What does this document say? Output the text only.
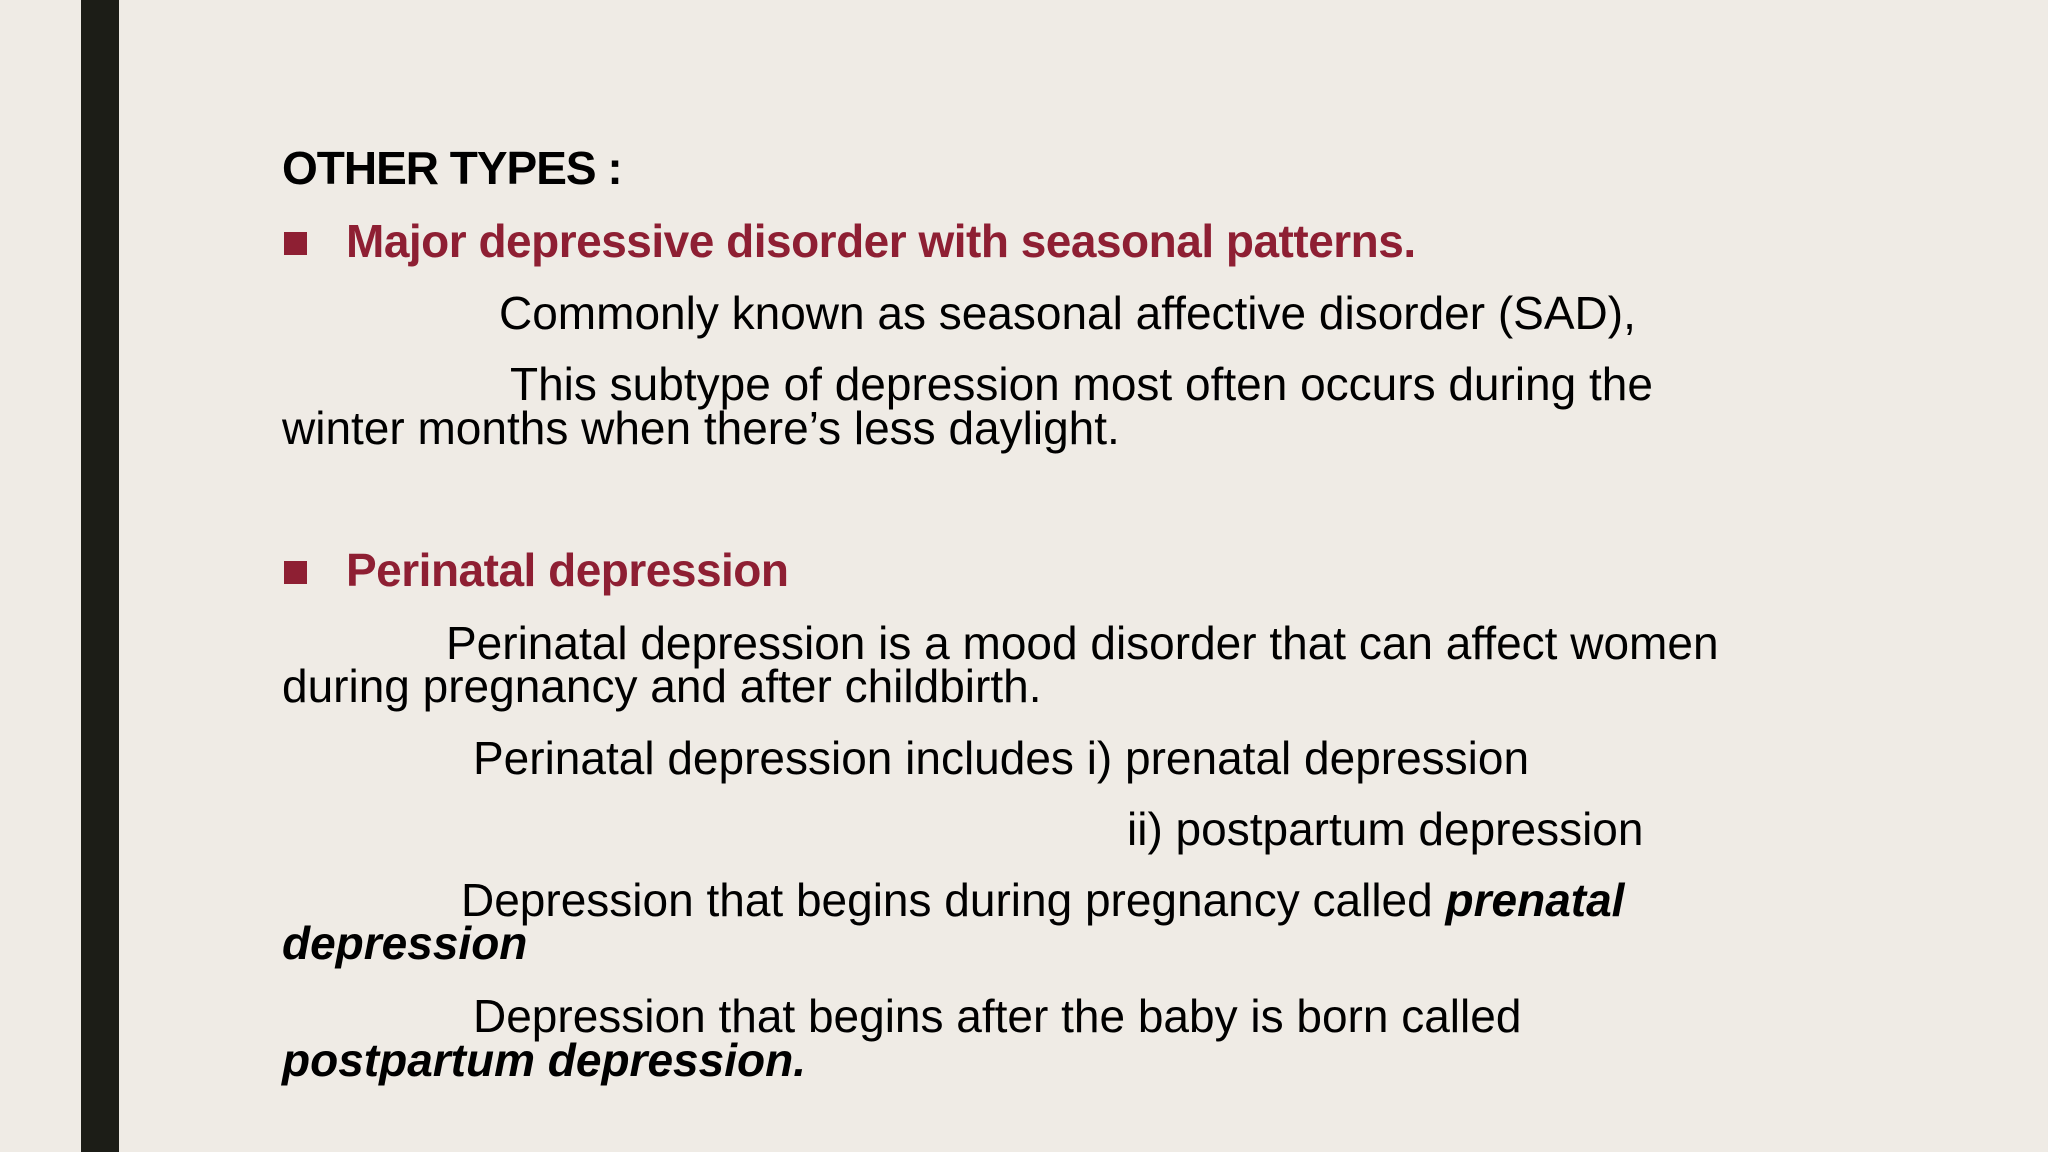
OTHER TYPES :
Major depressive disorder with seasonal patterns.
Commonly known as seasonal affective disorder (SAD),
This subtype of depression most often occurs during the
winter months when there’s less daylight.
Perinatal depression
Perinatal depression is a mood disorder that can affect women
during pregnancy and after childbirth.
Perinatal depression includes i) prenatal depression
ii) postpartum depression
Depression that begins during pregnancy called prenatal
depression
Depression that begins after the baby is born called
postpartum depression.
